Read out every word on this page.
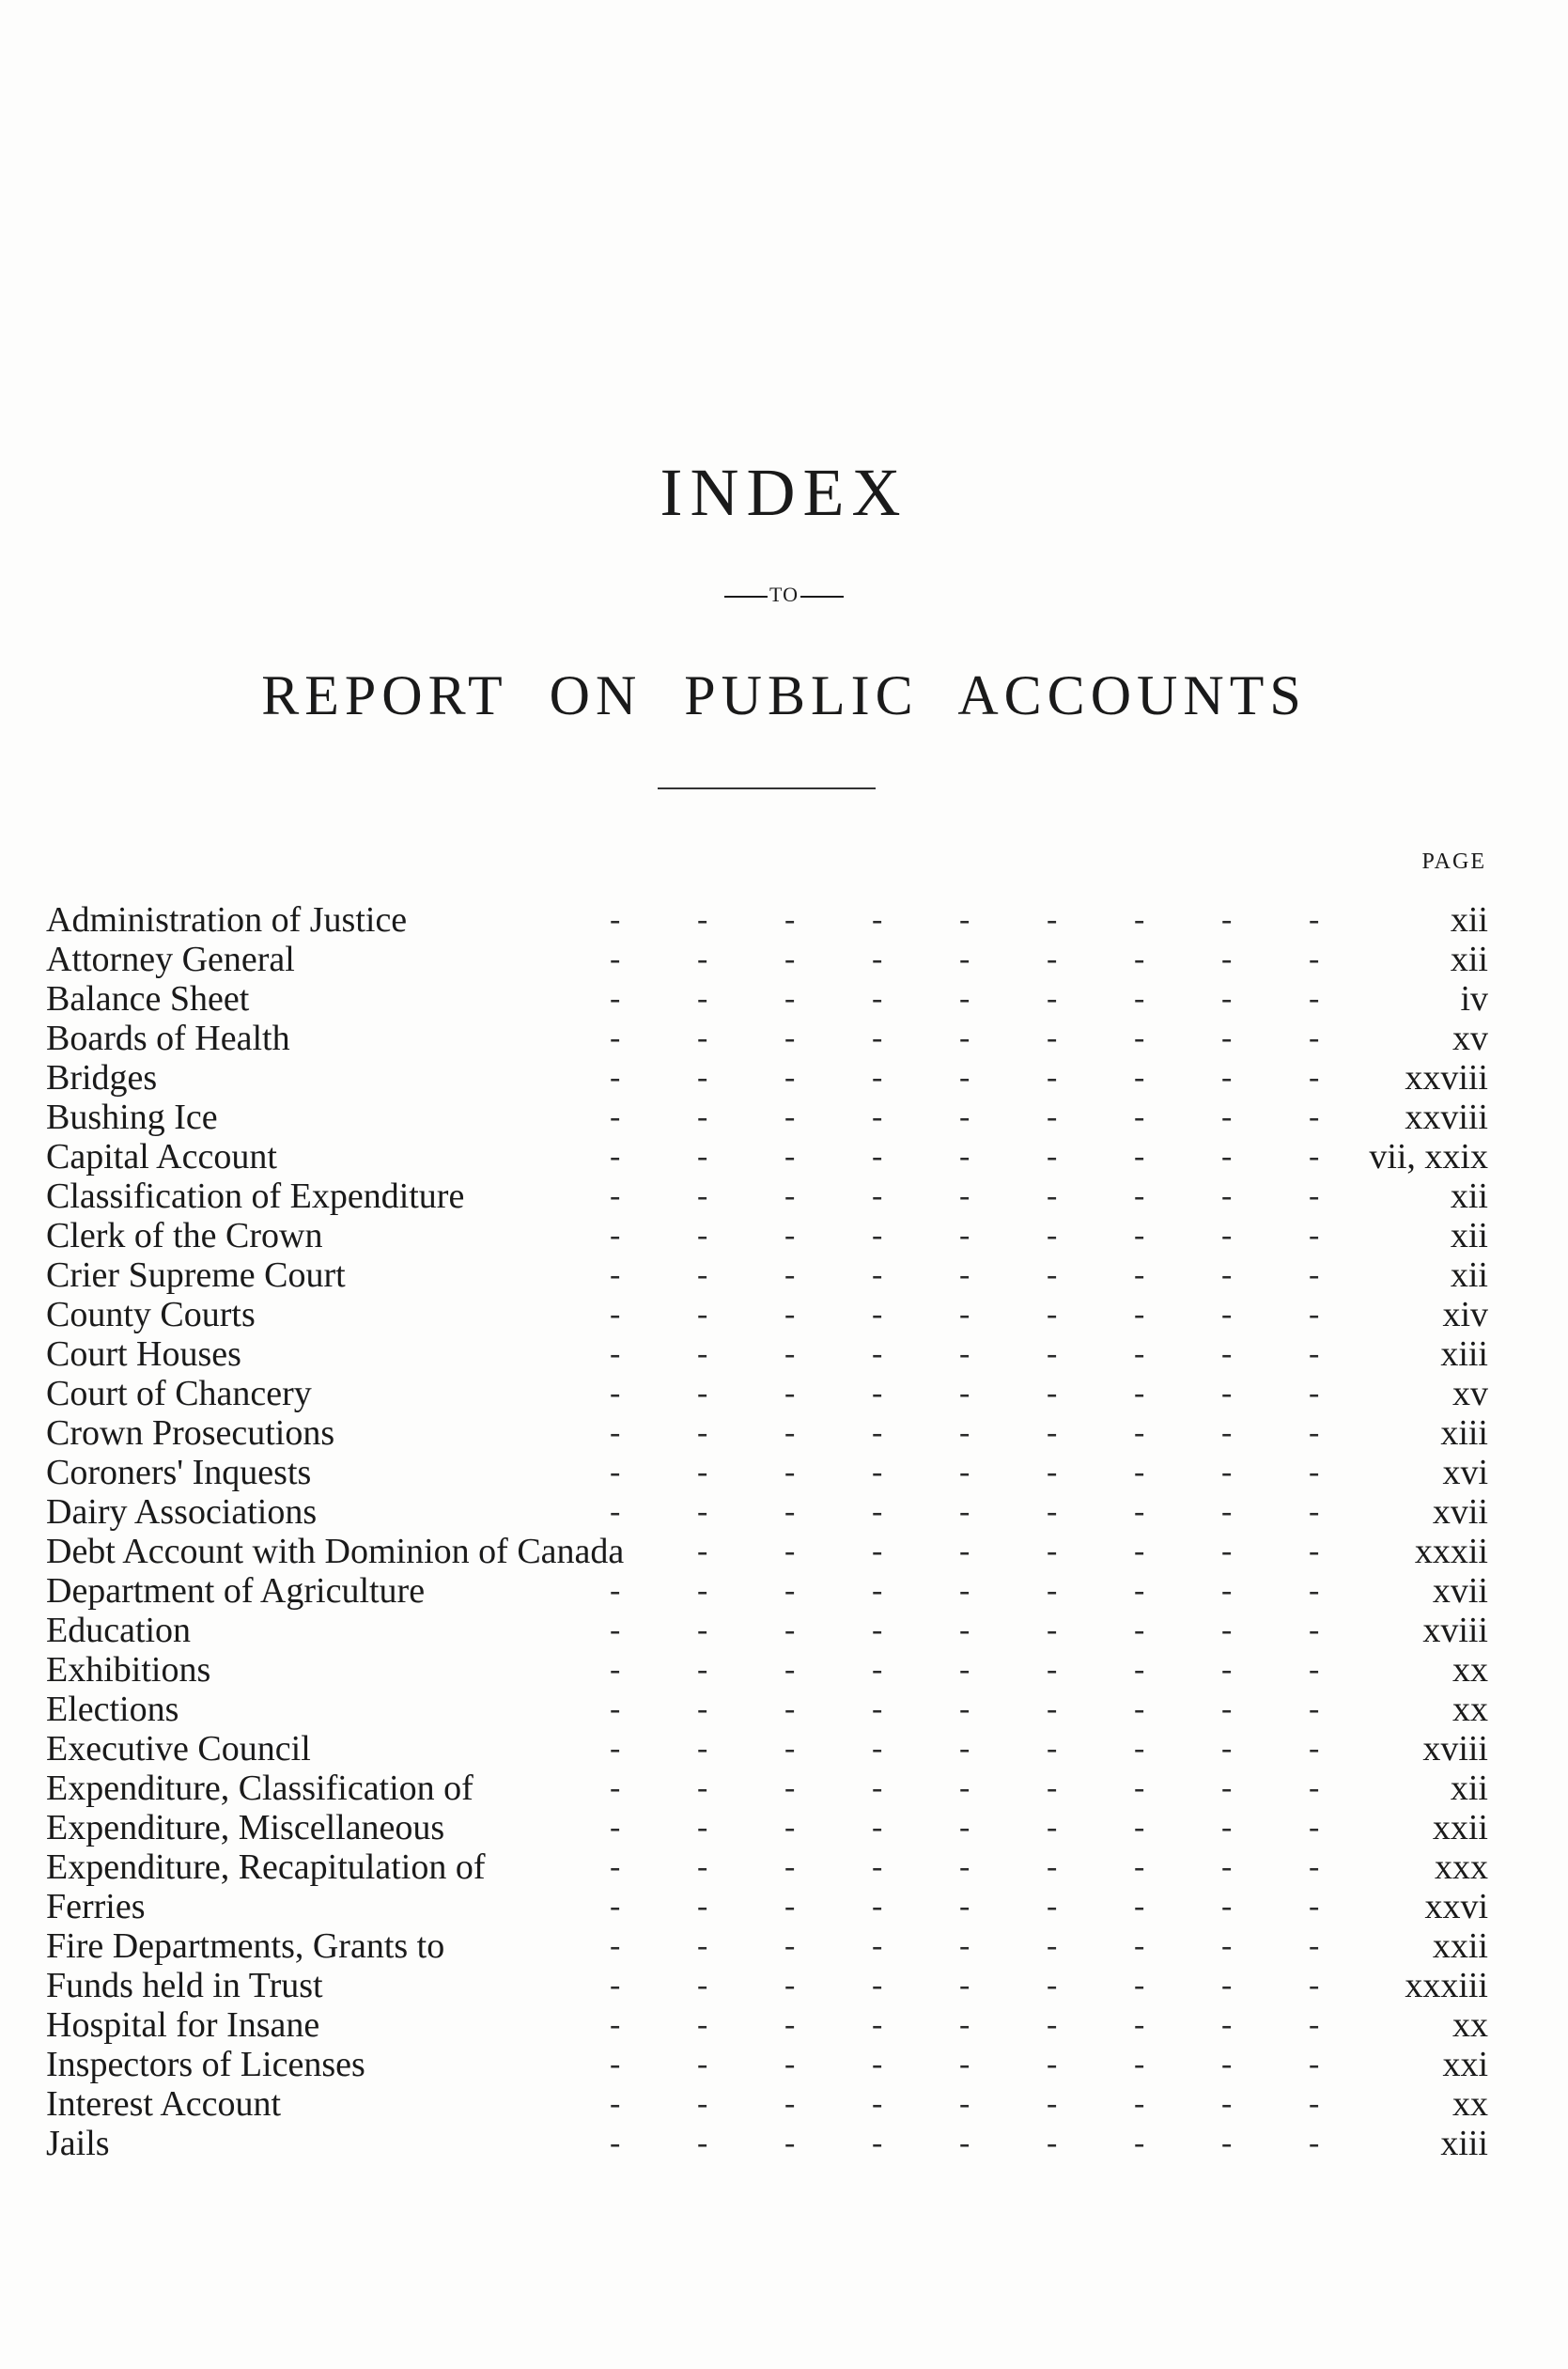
INDEX
TO
REPORT ON PUBLIC ACCOUNTS
PAGE
Administration of Justice	- - - - - - - - -	xii
Attorney General	- - - - - - - - -	xii
Balance Sheet	- - - - - - - - -	iv
Boards of Health	- - - - - - - - -	xv
Bridges	- - - - - - - - -	xxviii
Bushing Ice	- - - - - - - - -	xxviii
Capital Account	- - - - - - - - -	vii, xxix
Classification of Expenditure	- - - - - - - - -	xii
Clerk of the Crown	- - - - - - - - -	xii
Crier Supreme Court	- - - - - - - - -	xii
County Courts	- - - - - - - - -	xiv
Court Houses	- - - - - - - - -	xiii
Court of Chancery	- - - - - - - - -	xv
Crown Prosecutions	- - - - - - - - -	xiii
Coroners' Inquests	- - - - - - - - -	xvi
Dairy Associations	- - - - - - - - -	xvii
Debt Account with Dominion of Canada - - - - - - - -	xxxii
Department of Agriculture	- - - - - - - - -	xvii
Education	- - - - - - - - -	xviii
Exhibitions	- - - - - - - - -	xx
Elections	- - - - - - - - -	xx
Executive Council	- - - - - - - - -	xviii
Expenditure, Classification of	- - - - - - - - -	xii
Expenditure, Miscellaneous	- - - - - - - - -	xxii
Expenditure, Recapitulation of	- - - - - - - - -	xxx
Ferries	- - - - - - - - -	xxvi
Fire Departments, Grants to	- - - - - - - - -	xxii
Funds held in Trust	- - - - - - - - -	xxxiii
Hospital for Insane	- - - - - - - - -	xx
Inspectors of Licenses	- - - - - - - - -	xxi
Interest Account	- - - - - - - - -	xx
Jails	- - - - - - - - -	xiii
